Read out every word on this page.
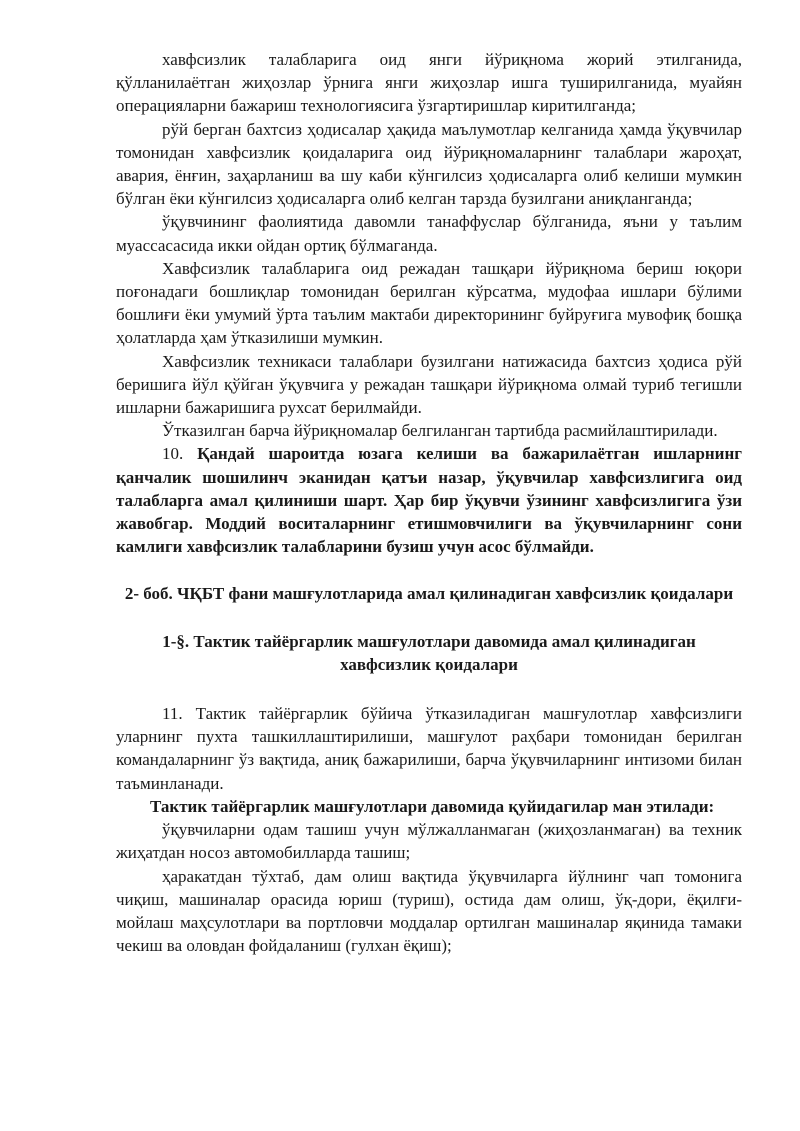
хавфсизлик талабларига оид янги йўриқнома жорий этилганида, қўлланилаётган жиҳозлар ўрнига янги жиҳозлар ишга туширилганида, муайян операцияларни бажариш технологиясига ўзгартиришлар киритилганда;

рўй берган бахтсиз ҳодисалар ҳақида маълумотлар келганида ҳамда ўқувчилар томонидан хавфсизлик қоидаларига оид йўриқномаларнинг талаблари жароҳат, авария, ёнғин, заҳарланиш ва шу каби кўнгилсиз ҳодисаларга олиб келиши мумкин бўлган ёки кўнгилсиз ҳодисаларга олиб келган тарзда бузилгани аниқланганда;

ўқувчининг фаолиятида давомли танаффуслар бўлганида, яъни у таълим муассасасида икки ойдан ортиқ бўлмаганда.

Хавфсизлик талабларига оид режадан ташқари йўриқнома бериш юқори поғонадаги бошлиқлар томонидан берилган кўрсатма, мудофаа ишлари бўлими бошлиғи ёки умумий ўрта таълим мактаби директорининг буйруғига мувофиқ бошқа ҳолатларда ҳам ўтказилиши мумкин.

Хавфсизлик техникаси талаблари бузилгани натижасида бахтсиз ҳодиса рўй беришига йўл қўйган ўқувчига у режадан ташқари йўриқнома олмай туриб тегишли ишларни бажаришига рухсат берилмайди.

Ўтказилган барча йўриқномалар белгиланган тартибда расмийлаштирилади.

10. Қандай шароитда юзага келиши ва бажарилаётган ишларнинг қанчалик шошилинч эканидан қатъи назар, ўқувчилар хавфсизлигига оид талабларга амал қилиниши шарт. Ҳар бир ўқувчи ўзининг хавфсизлигига ўзи жавобгар. Моддий воситаларнинг етишмовчилиги ва ўқувчиларнинг сони камлиги хавфсизлик талабларини бузиш учун асос бўлмайди.

2- боб. ЧҚБТ фани машғулотларида амал қилинадиган хавфсизлик қоидалари
1-§. Тактик тайёргарлик машғулотлари давомида амал қилинадиган хавфсизлик қоидалари

11. Тактик тайёргарлик бўйича ўтказиладиган машғулотлар хавфсизлиги уларнинг пухта ташкиллаштирилиши, машғулот раҳбари томонидан берилган командаларнинг ўз вақтида, аниқ бажарилиши, барча ўқувчиларнинг интизоми билан таъминланади.

Тактик тайёргарлик машғулотлари давомида қуйидагилар ман этилади:

ўқувчиларни одам ташиш учун мўлжалланмаган (жиҳозланмаган) ва техник жиҳатдан носоз автомобилларда ташиш;

ҳаракатдан тўхтаб, дам олиш вақтида ўқувчиларга йўлнинг чап томонига чиқиш, машиналар орасида юриш (туриш), остида дам олиш, ўқ-дори, ёқилғи-мойлаш маҳсулотлари ва портловчи моддалар ортилган машиналар яқинида тамаки чекиш ва оловдан фойдаланиш (гулхан ёқиш);
